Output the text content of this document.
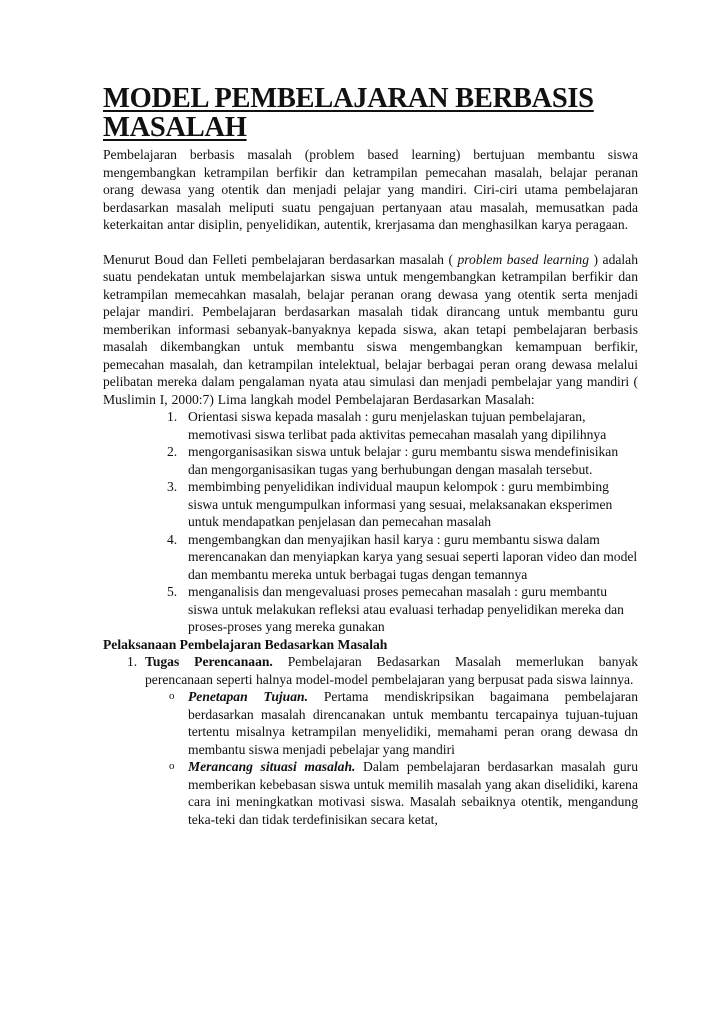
MODEL PEMBELAJARAN BERBASIS MASALAH

Pembelajaran berbasis masalah (problem based learning) bertujuan membantu siswa mengembangkan ketrampilan berfikir dan ketrampilan pemecahan masalah, belajar peranan orang dewasa yang otentik dan menjadi pelajar yang mandiri. Ciri-ciri utama pembelajaran berdasarkan masalah meliputi suatu pengajuan pertanyaan atau masalah, memusatkan pada keterkaitan antar disiplin, penyelidikan, autentik, krerjasama dan menghasilkan karya peragaan.

Menurut Boud dan Felleti pembelajaran berdasarkan masalah ( problem based learning ) adalah suatu pendekatan untuk membelajarkan siswa untuk mengembangkan ketrampilan berfikir dan ketrampilan memecahkan masalah, belajar peranan orang dewasa yang otentik serta menjadi pelajar mandiri. Pembelajaran berdasarkan masalah tidak dirancang untuk membantu guru memberikan informasi sebanyak-banyaknya kepada siswa, akan tetapi pembelajaran berbasis masalah dikembangkan untuk membantu siswa mengembangkan kemampuan berfikir, pemecahan masalah, dan ketrampilan intelektual, belajar berbagai peran orang dewasa melalui pelibatan mereka dalam pengalaman nyata atau simulasi dan menjadi pembelajar yang mandiri ( Muslimin I, 2000:7) Lima langkah model Pembelajaran Berdasarkan Masalah:

1. Orientasi siswa kepada masalah : guru menjelaskan tujuan pembelajaran, memotivasi siswa terlibat pada aktivitas pemecahan masalah yang dipilihnya
2. mengorganisasikan siswa untuk belajar : guru membantu siswa mendefinisikan dan mengorganisasikan tugas yang berhubungan dengan masalah tersebut.
3. membimbing penyelidikan individual maupun kelompok : guru membimbing siswa untuk mengumpulkan informasi yang sesuai, melaksanakan eksperimen untuk mendapatkan penjelasan dan pemecahan masalah
4. mengembangkan dan menyajikan hasil karya : guru membantu siswa dalam merencanakan dan menyiapkan karya yang sesuai seperti laporan video dan model dan membantu mereka untuk berbagai tugas dengan temannya
5. menganalisis dan mengevaluasi proses pemecahan masalah : guru membantu siswa untuk melakukan refleksi atau evaluasi terhadap penyelidikan mereka dan proses-proses yang mereka gunakan

Pelaksanaan Pembelajaran Bedasarkan Masalah

1. Tugas Perencanaan. Pembelajaran Bedasarkan Masalah memerlukan banyak perencanaan seperti halnya model-model pembelajaran yang berpusat pada siswa lainnya.
o Penetapan Tujuan. Pertama mendiskripsikan bagaimana pembelajaran berdasarkan masalah direncanakan untuk membantu tercapainya tujuan-tujuan tertentu misalnya ketrampilan menyelidiki, memahami peran orang dewasa dn membantu siswa menjadi pebelajar yang mandiri
o Merancang situasi masalah. Dalam pembelajaran berdasarkan masalah guru memberikan kebebasan siswa untuk memilih masalah yang akan diselidiki, karena cara ini meningkatkan motivasi siswa. Masalah sebaiknya otentik, mengandung teka-teki dan tidak terdefinisikan secara ketat,
